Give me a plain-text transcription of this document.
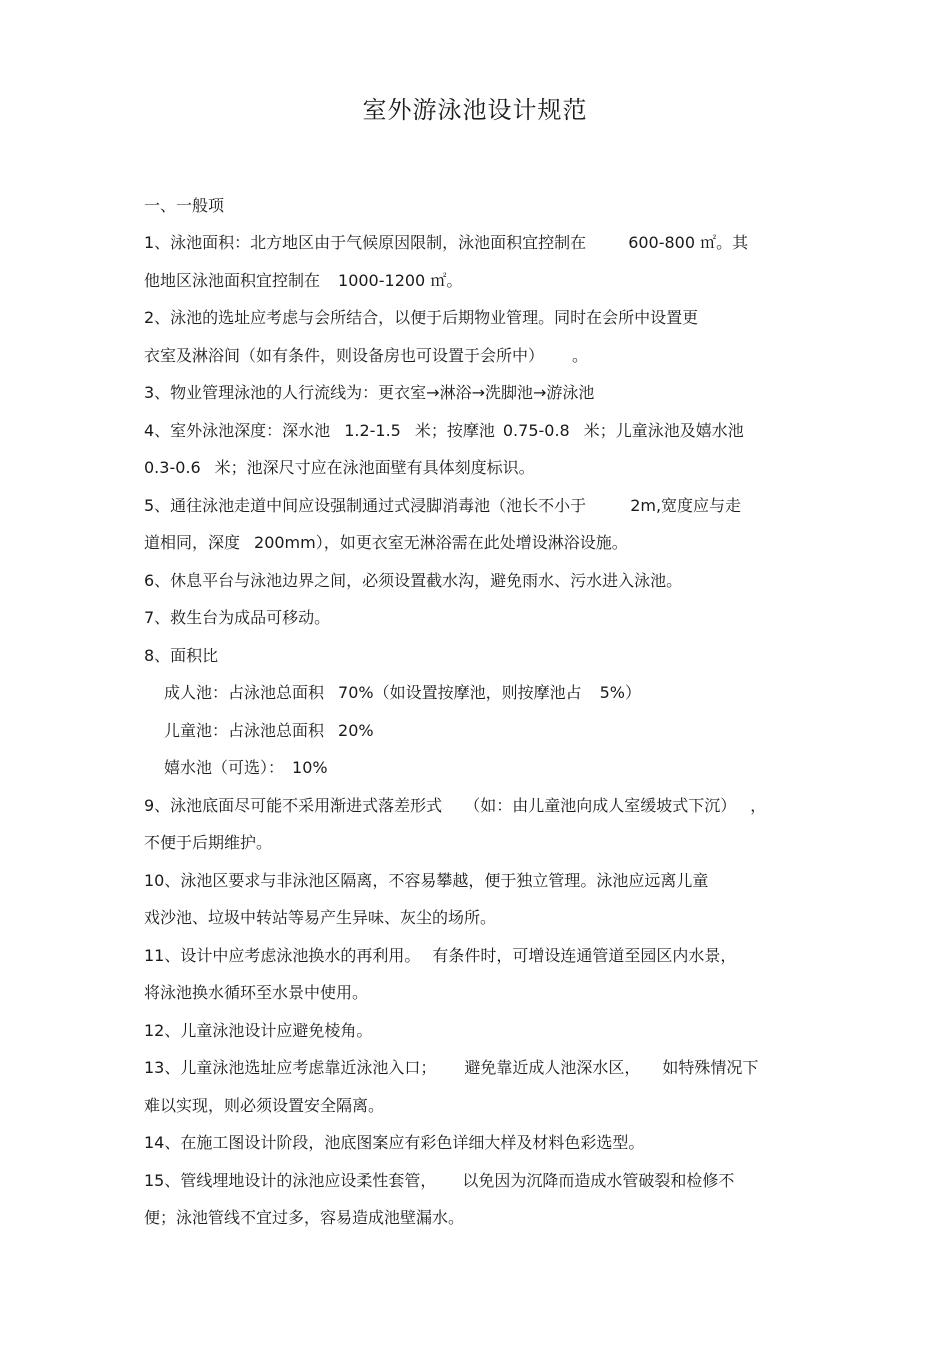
室外游泳池设计规范
一、一般项
1、泳池面积：北方地区由于气候原因限制，泳池面积宜控制在	600-800 ㎡。其
他地区泳池面积宜控制在 1000-1200 ㎡。
2、泳池的选址应考虑与会所结合，以便于后期物业管理。同时在会所中设置更
衣室及淋浴间（如有条件，则设备房也可设置于会所中） 。
3、物业管理泳池的人行流线为：更衣室→淋浴→洗脚池→游泳池
4、室外泳池深度：深水池 1.2-1.5 米；按摩池 0.75-0.8 米；儿童泳池及嬉水池
0.3-0.6 米；池深尺寸应在泳池面壁有具体刻度标识。
5、通往泳池走道中间应设强制通过式浸脚消毒池（池长不小于	2m,宽度应与走
道相同，深度 200mm），如更衣室无淋浴需在此处增设淋浴设施。
6、休息平台与泳池边界之间，必须设置截水沟，避免雨水、污水进入泳池。
7、救生台为成品可移动。
8、面积比
成人池：占泳池总面积 70%（如设置按摩池，则按摩池占 5%）
儿童池：占泳池总面积 20%
嬉水池（可选）： 10%
9、泳池底面尽可能不采用渐进式落差形式 （如：由儿童池向成人室缓坡式下沉） ，
不便于后期维护。
10、泳池区要求与非泳池区隔离，不容易攀越，便于独立管理。泳池应远离儿童
戏沙池、垃圾中转站等易产生异味、灰尘的场所。
11、设计中应考虑泳池换水的再利用。 有条件时，可增设连通管道至园区内水景，
将泳池换水循环至水景中使用。
12、儿童泳池设计应避免棱角。
13、儿童泳池选址应考虑靠近泳池入口； 避免靠近成人池深水区， 如特殊情况下
难以实现，则必须设置安全隔离。
14、在施工图设计阶段，池底图案应有彩色详细大样及材料色彩选型。
15、管线埋地设计的泳池应设柔性套管， 以免因为沉降而造成水管破裂和检修不
便；泳池管线不宜过多，容易造成池壁漏水。
